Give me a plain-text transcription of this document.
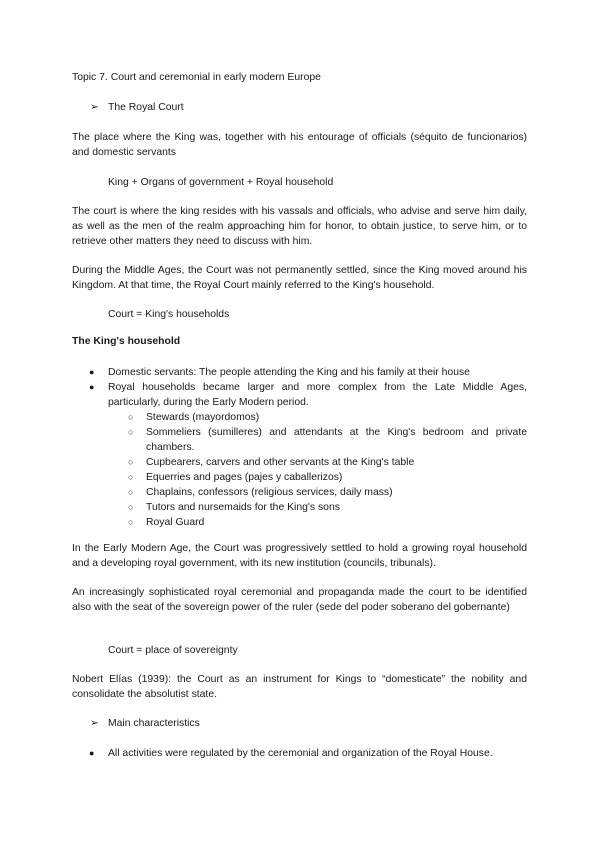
Topic 7. Court and ceremonial in early modern Europe

➢ The Royal Court

The place where the King was, together with his entourage of officials (séquito de funcionarios) and domestic servants

King + Organs of government + Royal household

The court is where the king resides with his vassals and officials, who advise and serve him daily, as well as the men of the realm approaching him for honor, to obtain justice, to serve him, or to retrieve other matters they need to discuss with him.

During the Middle Ages, the Court was not permanently settled, since the King moved around his Kingdom. At that time, the Royal Court mainly referred to the King's household.

Court = King's households

The King's household

● Domestic servants: The people attending the King and his family at their house
● Royal households became larger and more complex from the Late Middle Ages, particularly, during the Early Modern period.
○ Stewards (mayordomos)
○ Sommeliers (sumilleres) and attendants at the King's bedroom and private chambers.
○ Cupbearers, carvers and other servants at the King's table
○ Equerries and pages (pajes y caballerizos)
○ Chaplains, confessors (religious services, daily mass)
○ Tutors and nursemaids for the King's sons
○ Royal Guard

In the Early Modern Age, the Court was progressively settled to hold a growing royal household and a developing royal government, with its new institution (councils, tribunals).

An increasingly sophisticated royal ceremonial and propaganda made the court to be identified also with the seat of the sovereign power of the ruler (sede del poder soberano del gobernante)

Court = place of sovereignty

Nobert Elías (1939): the Court as an instrument for Kings to “domesticate” the nobility and consolidate the absolutist state.

➢ Main characteristics

● All activities were regulated by the ceremonial and organization of the Royal House.
